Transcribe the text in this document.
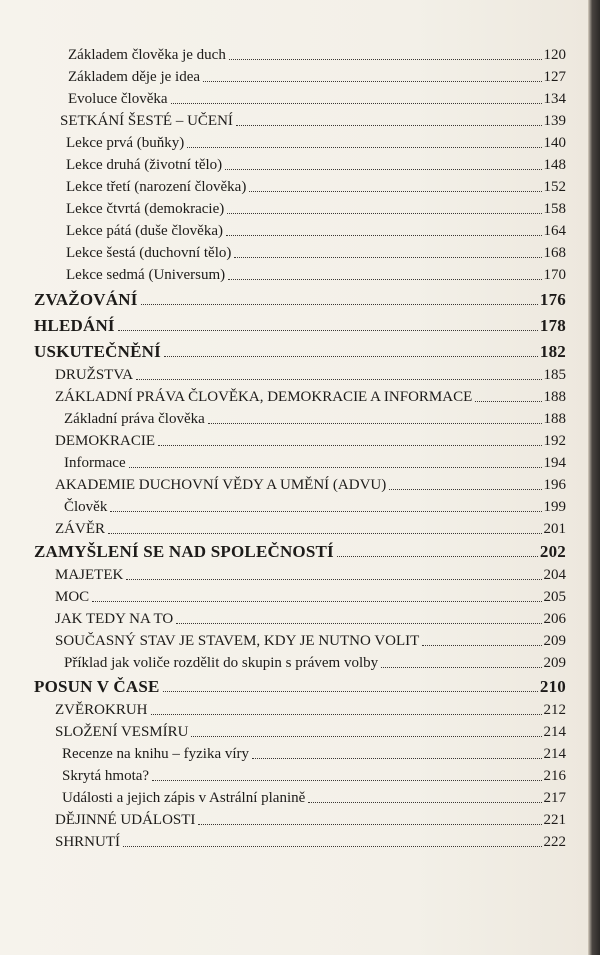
Základem člověka je duch	120
Základem děje je idea	127
Evoluce člověka	134
SETKÁNÍ ŠESTÉ – UČENÍ	139
Lekce prvá (buňky)	140
Lekce druhá (životní tělo)	148
Lekce třetí (narození člověka)	152
Lekce čtvrtá (demokracie)	158
Lekce pátá (duše člověka)	164
Lekce šestá (duchovní tělo)	168
Lekce sedmá (Universum)	170
ZVAŽOVÁNÍ	176
HLEDÁNÍ	178
USKUTEČNĚNÍ	182
DRUŽSTVA	185
ZÁKLADNÍ PRÁVA ČLOVĚKA, DEMOKRACIE A INFORMACE	188
Základní práva člověka	188
DEMOKRACIE	192
Informace	194
AKADEMIE DUCHOVNÍ VĚDY A UMĚNÍ (ADVU)	196
Člověk	199
ZÁVĚR	201
ZAMYŠLENÍ SE NAD SPOLEČNOSTÍ	202
MAJETEK	204
MOC	205
JAK TEDY NA TO	206
SOUČASNÝ STAV JE STAVEM, KDY JE NUTNO VOLIT	209
Příklad jak voliče rozdělit do skupin s právem volby	209
POSUN V ČASE	210
ZVĚROKRUH	212
SLOŽENÍ VESMÍRU	214
Recenze na knihu – fyzika víry	214
Skrytá hmota?	216
Události a jejich zápis v Astrální planině	217
DĚJINNÉ UDÁLOSTI	221
SHRNUTÍ	222
